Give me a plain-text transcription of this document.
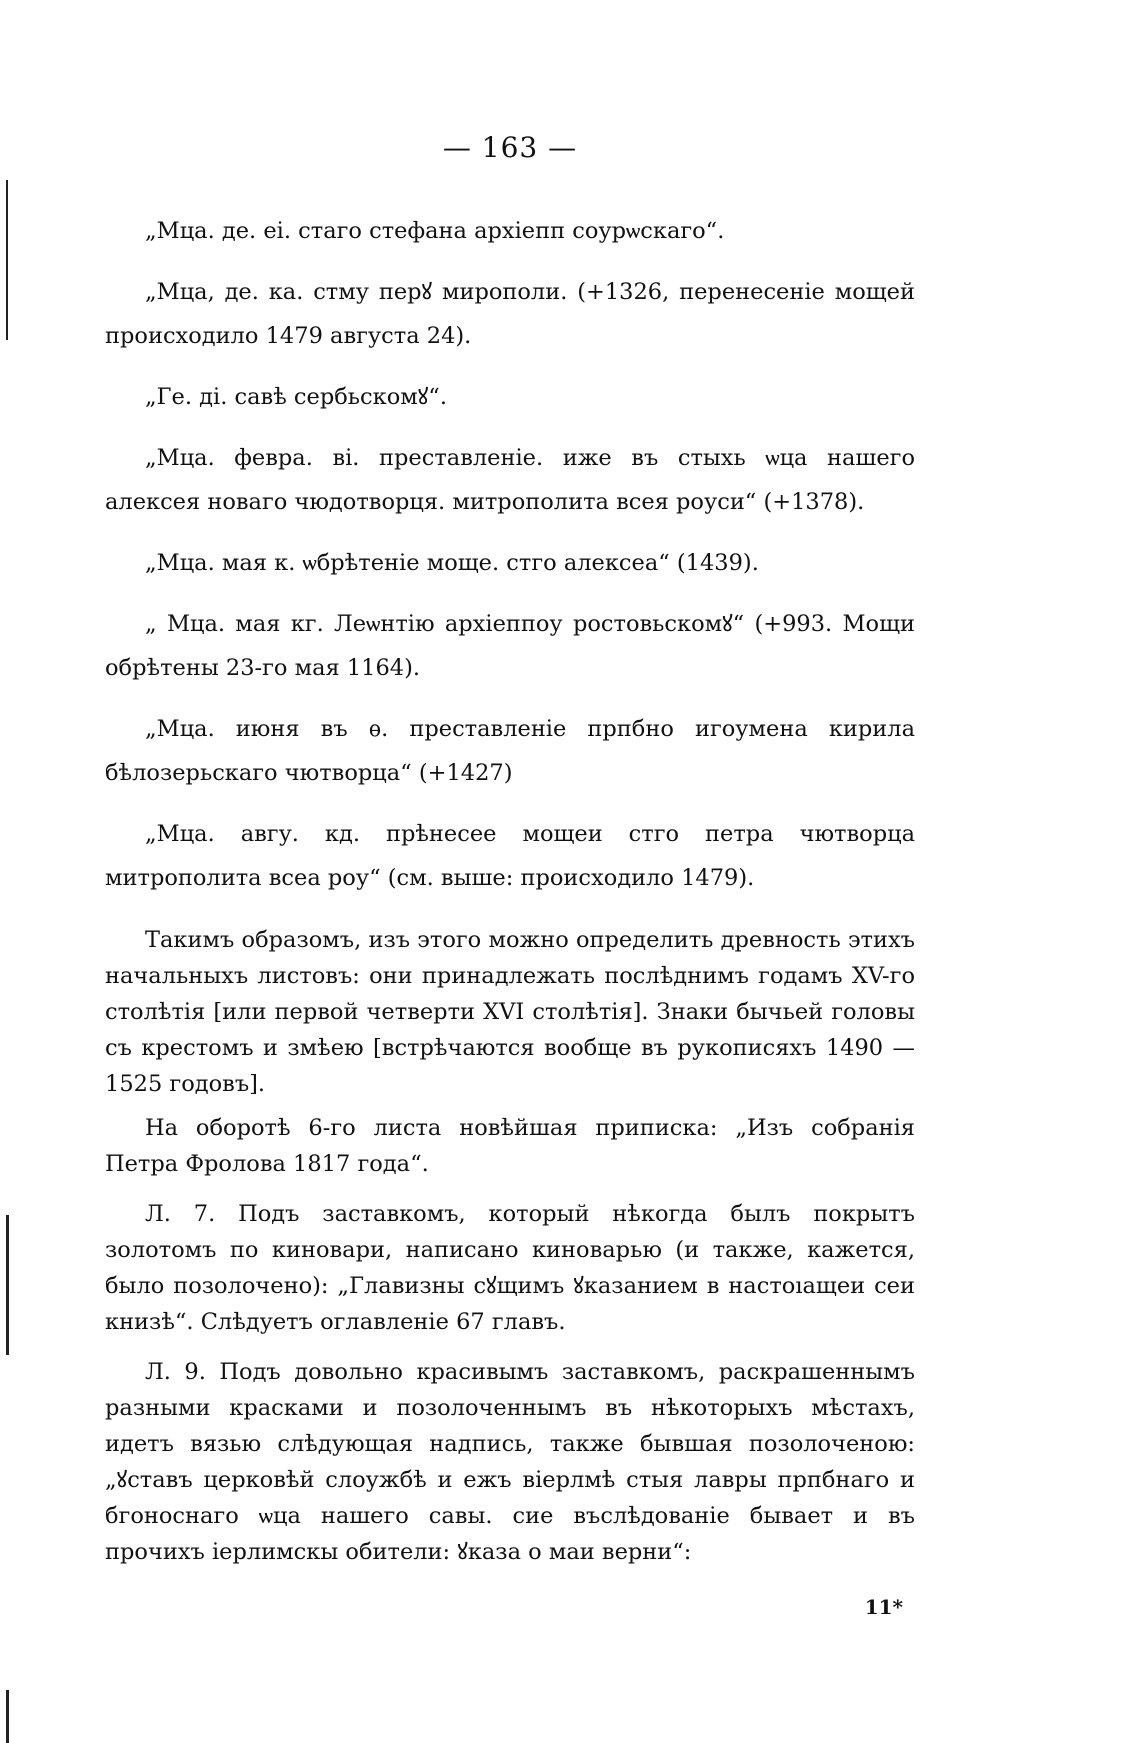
— 163 —

„Мца. де. еі. стаго стефана архіепп соурѡскаго“.

„Мца, де. ка. стму перꙋ мирополи. (+1326, перенесеніе мощей происходило 1479 августа 24).

„Ге. ді. савѣ сербьскомꙋ“.

„Мца. февра. ві. преставленіе. иже въ стыхь ѡца нашего алексея новаго чюдотворця. митрополита всея роуси“ (+1378).

„Мца. мая к. ѡбрѣтеніе моще. стго алексеа“ (1439).

„ Мца. мая кг. Леѡнтію архіеппоу ростовьскомꙋ“ (+993. Мощи обрѣтены 23-го мая 1164).

„Мца. июня въ ѳ. преставленіе прпбно игоумена кирила бѣлозерьскаго чютворца“ (+1427)

„Мца. авгу. кд. прѣнесее мощеи стго петра чютворца митрополита всеа роу“ (см. выше: происходило 1479).

Такимъ образомъ, изъ этого можно определить древность этихъ начальныхъ листовъ: они принадлежать послѣднимъ годамъ XV-го столѣтія [или первой четверти XVI столѣтія]. Знаки бычьей головы съ крестомъ и змѣею [встрѣчаются вообще въ рукописяхъ 1490 — 1525 годовъ].

На оборотѣ 6-го листа новѣйшая приписка: „Изъ собранія Петра Фролова 1817 года“.

Л. 7. Подъ заставкомъ, который нѣкогда былъ покрытъ золотомъ по киновари, написано киноварью (и также, кажется, было позолочено): „Главизны сꙋщимъ ꙋказанием в настоıащеи сеи книзѣ“. Слѣдуетъ оглавленіе 67 главъ.

Л. 9. Подъ довольно красивымъ заставкомъ, раскрашеннымъ разными красками и позолоченнымъ въ нѣкоторыхъ мѣстахъ, идетъ вязью слѣдующая надпись, также бывшая позолоченою: „ꙋставъ церковѣй слоужбѣ и ежъ віерлмѣ стыя лавры прпбнаго и бгоноснаго ѡца нашего савы. сие въслѣдованіе бывает и въ прочихъ іерлимскы обители: ꙋказа о маи верни“:

11*
